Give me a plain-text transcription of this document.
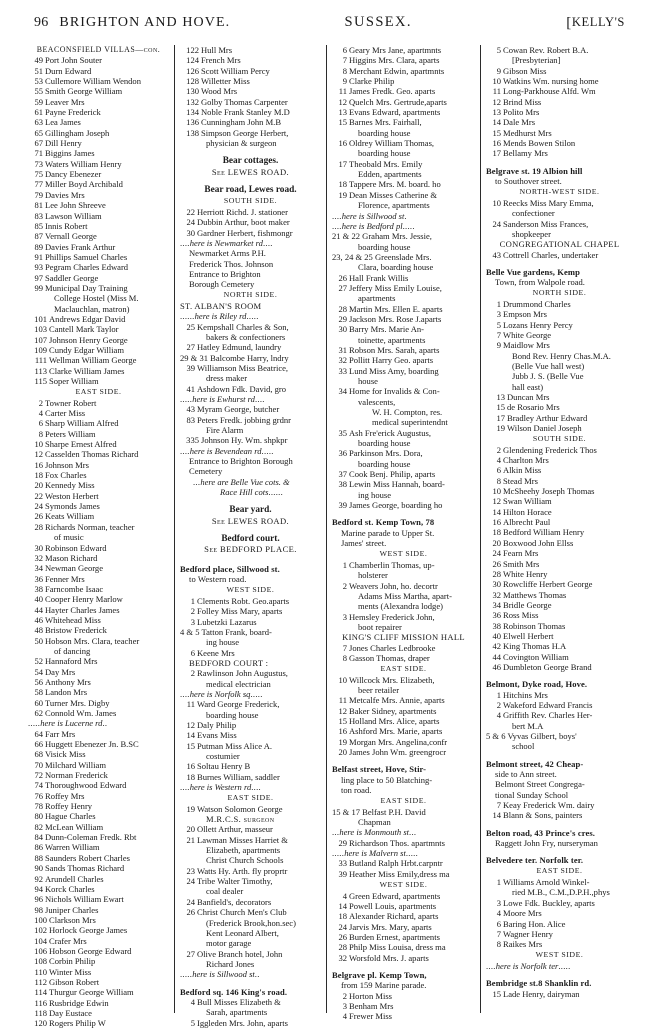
96 BRIGHTON AND HOVE.	SUSSEX.	[KELLY'S
BEACONSFIELD VILLAS—con.
49 Port John Souter
51 Durn Edward
53 Cullemore William Wendon
55 Smith George William
59 Leaver Mrs
61 Payne Frederick
63 Lea James
65 Gillingham Joseph
67 Dill Henry
71 Biggins James
73 Waters William Henry
75 Dancy Ebenezer
77 Miller Boyd Archibald
79 Davies Mrs
81 Lee John Shreeve
83 Lawson William
85 Innis Robert
87 Vernall George
89 Davies Frank Arthur
91 Phillips Samuel Charles
93 Pegram Charles Edward
97 Saddler George
99 Municipal Day Training
College Hostel (Miss M.
Maclauchlan, matron)
101 Andrews Edgar David
103 Cantell Mark Taylor
107 Johnson Henry George
109 Cundy Edgar William
111 Wellman William George
113 Clarke William James
115 Soper William
EAST SIDE.
2 Towner Robert
4 Carter Miss
6 Sharp William Alfred
8 Peters William
10 Sharpe Ernest Alfred
12 Casselden Thomas Richard
16 Johnson Mrs
18 Fox Charles
20 Kennedy Miss
22 Weston Herbert
24 Symonds James
26 Keats William
28 Richards Norman, teacher
of music
30 Robinson Edward
32 Mason Richard
34 Newman George
36 Fenner Mrs
38 Farncombe Isaac
40 Cooper Henry Marlow
44 Hayter Charles James
46 Whitehead Miss
48 Bristow Frederick
50 Hobson Mrs. Clara, teacher
of dancing
52 Hannaford Mrs
54 Day Mrs
56 Anthony Mrs
58 Landon Mrs
60 Turner Mrs. Digby
62 Connold Wm. James
.....here is Lucerne rd..
64 Farr Mrs
66 Huggett Ebenezer Jn. B.SC
68 Visick Miss
70 Milchard William
72 Norman Frederick
74 Thoroughwood Edward
76 Roffey Mrs
78 Roffey Henry
80 Hague Charles
82 McLean William
84 Dunn-Coleman Fredk. Rbt
86 Warren William
88 Saunders Robert Charles
90 Sands Thomas Richard
92 Arundell Charles
94 Korck Charles
96 Nichols William Ewart
98 Juniper Charles
100 Clarkson Mrs
102 Horlock George James
104 Crafer Mrs
106 Hobson George Edward
108 Corbin Philip
110 Winter Miss
112 Gibson Robert
114 Thurgur George William
116 Rusbridge Edwin
118 Day Eustace
120 Rogers Philip W
122 Hull Mrs
124 French Mrs
126 Scott William Percy
128 Willetter Miss
130 Wood Mrs
132 Golby Thomas Carpenter
134 Noble Frank Stanley M.D
136 Cunningham John M.B
138 Simpson George Herbert,
physician & surgeon
Bear cottages.
See LEWES ROAD.
Bear road, Lewes road.
SOUTH SIDE.
22 Herriott Richd. J. stationer
24 Dubbin Arthur, boot maker
30 Gardner Herbert, fishmongr
....here is Newmarket rd....
Newmarket Arms P.H.
Frederick Thos. Johnson
Entrance to Brighton
Borough Cemetery
NORTH SIDE.
ST. ALBAN'S ROOM
......here is Riley rd.....
25 Kempshall Charles & Son,
bakers & confectioners
27 Hatley Edmund, laundry
29 & 31 Balcombe Harry, lndry
39 Williamson Miss Beatrice,
dress maker
41 Ashdown Fdk. David, gro
.....here is Ewhurst rd....
43 Myram George, butcher
83 Peters Fredk. jobbing grdnr
Fire Alarm
335 Johnson Hy. Wm. shpkpr
....here is Bevendean rd.....
Entrance to Brighton Borough
Cemetery
...here are Belle Vue cots. &
Race Hill cots......
Bear yard.
See LEWES ROAD.
Bedford court.
See BEDFORD PLACE.
Bedford place, Sillwood st.
to Western road.
WEST SIDE.
1 Clements Robt. Geo.aparts
2 Folley Miss Mary, aparts
3 Lubetzki Lazarus
4 & 5 Tatton Frank, board-
ing house
6 Keene Mrs
BEDFORD COURT :
2 Rawlinson John Augustus,
medical electrician
....here is Norfolk sq.....
11 Ward George Frederick,
boarding house
12 Daly Philip
14 Evans Miss
15 Putman Miss Alice A.
costumier
16 Soltau Henry B
18 Burnes William, saddler
....here is Western rd....
EAST SIDE.
19 Watson Solomon George
M.R.C.S. surgeon
20 Ollett Arthur, masseur
21 Lawman Misses Harriet &
Elizabeth, apartments
Christ Church Schools
23 Watts Hy. Arth. fly proprtr
24 Tribe Walter Timothy,
coal dealer
24 Banfield's, decorators
26 Christ Church Men's Club
(Frederick Brook,hon.sec)
Kent Leonard Albert,
motor garage
27 Olive Branch hotel, John
Richard Jones
.....here is Sillwood st..
Bedford sq. 146 King's road.
4 Bull Misses Elizabeth &
Sarah, apartments
5 Iggleden Mrs. John, aparts
6 Geary Mrs Jane, apartmnts
7 Higgins Mrs. Clara, aparts
8 Merchant Edwin, apartmnts
9 Clarke Philip
11 James Fredk. Geo. aparts
12 Quelch Mrs. Gertrude,aparts
13 Evans Edward, apartments
15 Barnes Mrs. Fairhall,
boarding house
16 Oldrey William Thomas,
boarding house
17 Theobald Mrs. Emily
Edden, apartments
18 Tappere Mrs. M. board. ho
19 Dean Misses Catherine &
Florence, apartments
....here is Sillwood st.
....here is Bedford pl.....
21 & 22 Graham Mrs. Jessie,
boarding house
23, 24 & 25 Greenslade Mrs.
Clara, boarding house
26 Hall Frank Willis
27 Jeffery Miss Emily Louise,
apartments
28 Martin Mrs. Ellen E. aparts
29 Jackson Mrs. Rose J.aparts
30 Barry Mrs. Marie An-
toinette, apartments
31 Robson Mrs. Sarah, aparts
32 Pollitt Harry Geo. aparts
33 Lund Miss Amy, boarding
house
34 Home for Invalids & Con-
valescents,
W. H. Compton, res.
medical superintendnt
35 Ash Fre'erick Augustus,
boarding house
36 Parkinson Mrs. Dora,
boarding house
37 Cook Benj. Philip, aparts
38 Lewin Miss Hannah, board-
ing house
39 James George, boarding ho
Bedford st. Kemp Town, 78
Marine parade to Upper St.
James' street.
WEST SIDE.
1 Chamberlin Thomas, up-
holsterer
2 Weavers John, ho. decortr
Adams Miss Martha, apart-
ments (Alexandra lodge)
3 Hemsley Frederick John,
boot repairer
KING'S CLIFF MISSION HALL
7 Jones Charles Ledbrooke
8 Gasson Thomas, draper
EAST SIDE.
10 Willcock Mrs. Elizabeth,
beer retailer
11 Metcalfe Mrs. Annie, aparts
12 Baker Sidney, apartments
15 Holland Mrs. Alice, aparts
16 Ashford Mrs. Marie, aparts
19 Morgan Mrs. Angelina,confr
20 James John Wm. greengrocr
Belfast street, Hove, Stir-
ling place to 50 Blatching-
ton road.
EAST SIDE.
15 & 17 Belfast P.H. David
Chapman
...here is Monmouth st...
29 Richardson Thos. apartmnts
.....here is Malvern st.....
33 Butland Ralph Hrbt.carpntr
39 Heather Miss Emily,dress ma
WEST SIDE.
4 Green Edward, apartments
14 Powell Louis, apartments
18 Alexander Richard, aparts
24 Jarvis Mrs. Mary, aparts
26 Burden Ernest, apartments
28 Philp Miss Louisa, dress ma
32 Worsfold Mrs. J. aparts
Belgrave pl. Kemp Town,
from 159 Marine parade.
2 Horton Miss
3 Benham Mrs
4 Frewer Miss
5 Cowan Rev. Robert B.A.
[Presbyterian]
9 Gibson Miss
10 Watkins Wm. nursing home
11 Long-Parkhouse Alfd. Wm
12 Brind Miss
13 Polito Mrs
14 Dale Mrs
15 Medhurst Mrs
16 Mends Bowen Stilon
17 Bellamy Mrs
Belgrave st. 19 Albion hill
to Southover street.
NORTH-WEST SIDE.
10 Reecks Miss Mary Emma,
confectioner
24 Sanderson Miss Frances,
shopkeeper
CONGREGATIONAL CHAPEL
43 Cottrell Charles, undertaker
Belle Vue gardens, Kemp
Town, from Walpole road.
NORTH SIDE.
1 Drummond Charles
3 Empson Mrs
5 Lozans Henry Percy
7 White George
9 Maidlow Mrs
Bond Rev. Henry Chas.M.A.
(Belle Vue hall west)
Jubb J. S. (Belle Vue
hall east)
13 Duncan Mrs
15 de Rosario Mrs
17 Bradley Arthur Edward
19 Wilson Daniel Joseph
SOUTH SIDE.
2 Glendening Frederick Thos
4 Charlton Mrs
6 Alkin Miss
8 Stead Mrs
10 McSheehy Joseph Thomas
12 Swan William
14 Hilton Horace
16 Albrecht Paul
18 Bedford William Henry
20 Boxwood John Ellss
24 Fearn Mrs
26 Smith Mrs
28 White Henry
30 Rowcliffe Herbert George
32 Matthews Thomas
34 Bridle George
36 Ross Miss
38 Robinson Thomas
40 Elwell Herbert
42 King Thomas H.A
44 Covington William
46 Dumbleton George Brand
Belmont, Dyke road, Hove.
1 Hitchins Mrs
2 Wakeford Edward Francis
4 Griffith Rev. Charles Her-
bert M.A
5 & 6 Vyvas Gilbert, boys'
school
Belmont street, 42 Cheap-
side to Ann street.
Belmont Street Congrega-
tional Sunday School
7 Keay Frederick Wm. dairy
14 Blann & Sons, painters
Belton road, 43 Prince's cres.
Raggett John Fry, nurseryman
Belvedere ter. Norfolk ter.
EAST SIDE.
1 Williams Arnold Winkel-
ried M.B., C.M.,D.P.H.,phys
3 Lowe Fdk. Buckley, aparts
4 Moore Mrs
6 Baring Hon. Alice
7 Wagner Henry
8 Raikes Mrs
WEST SIDE.
....here is Norfolk ter.....
Bembridge st.8 Shanklin rd.
15 Lade Henry, dairyman
